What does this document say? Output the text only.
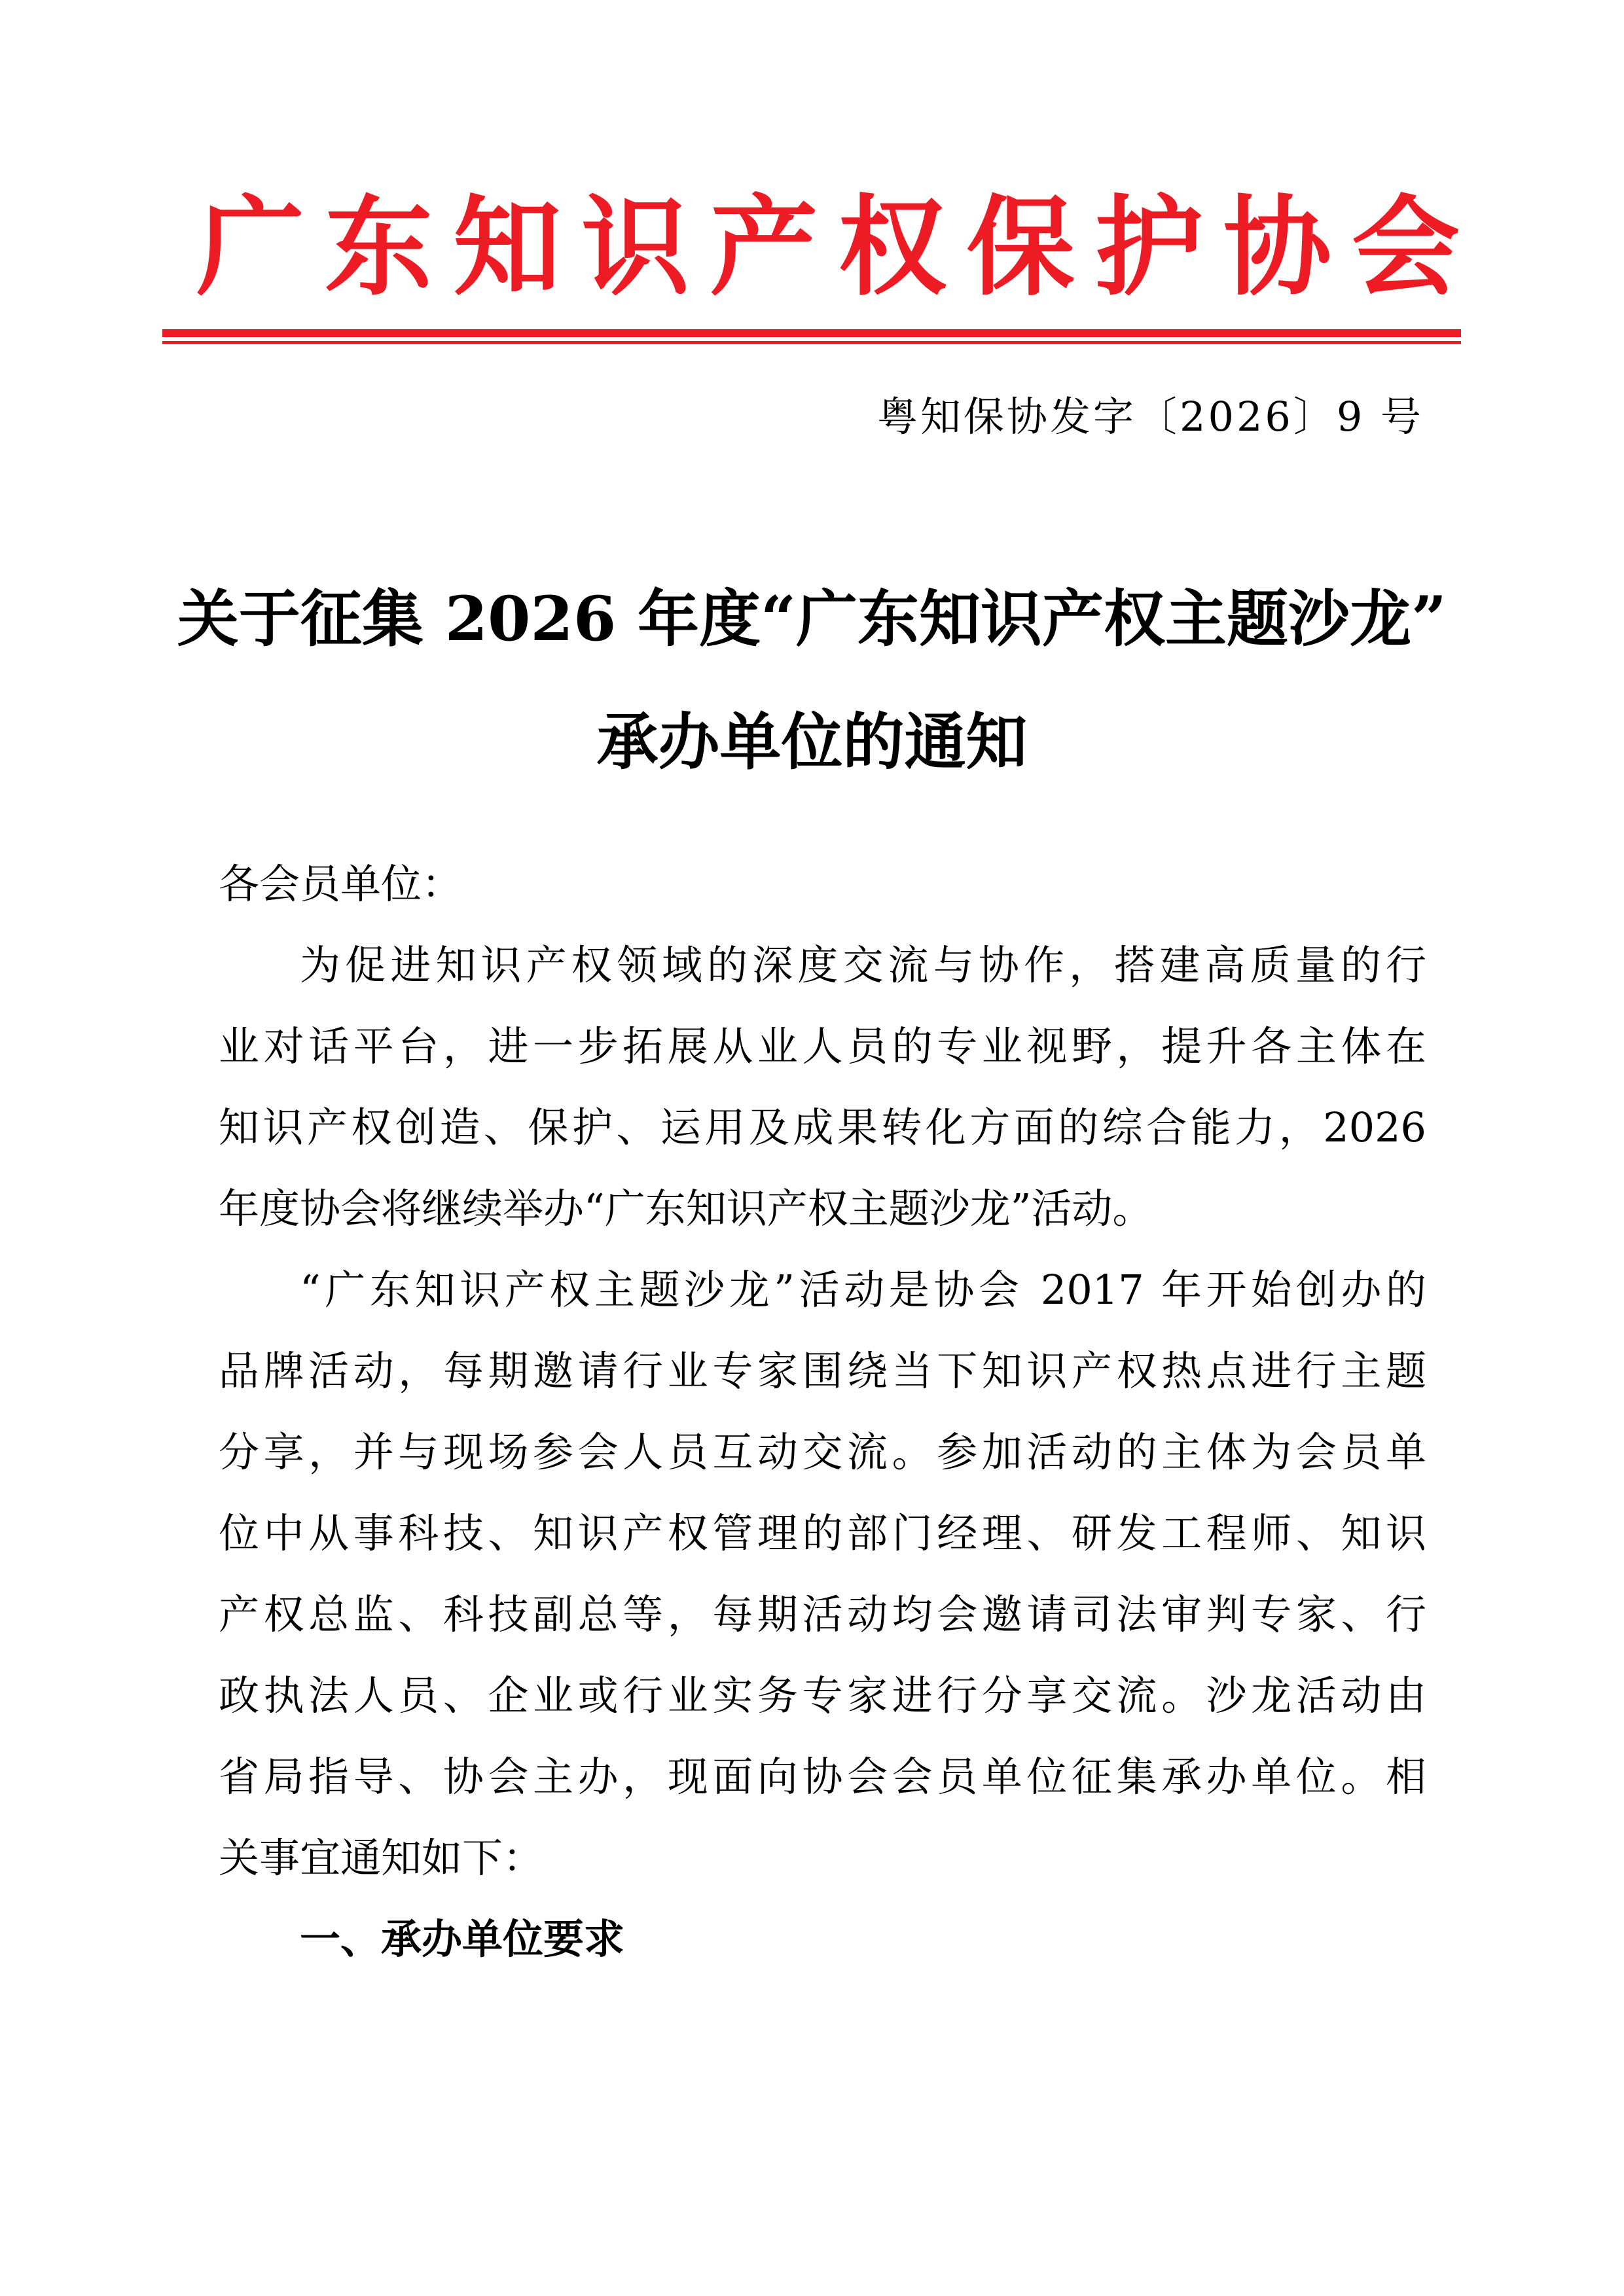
广东知识产权保护协会
粤知保协发字〔2026〕9 号
关于征集 2026 年度“广东知识产权主题沙龙”
承办单位的通知
各会员单位：
为促进知识产权领域的深度交流与协作，搭建高质量的行
业对话平台，进一步拓展从业人员的专业视野，提升各主体在
知识产权创造、保护、运用及成果转化方面的综合能力，2026
年度协会将继续举办“广东知识产权主题沙龙”活动。
“广东知识产权主题沙龙”活动是协会 2017 年开始创办的
品牌活动，每期邀请行业专家围绕当下知识产权热点进行主题
分享，并与现场参会人员互动交流。参加活动的主体为会员单
位中从事科技、知识产权管理的部门经理、研发工程师、知识
产权总监、科技副总等，每期活动均会邀请司法审判专家、行
政执法人员、企业或行业实务专家进行分享交流。沙龙活动由
省局指导、协会主办，现面向协会会员单位征集承办单位。相
关事宜通知如下：
一、承办单位要求
